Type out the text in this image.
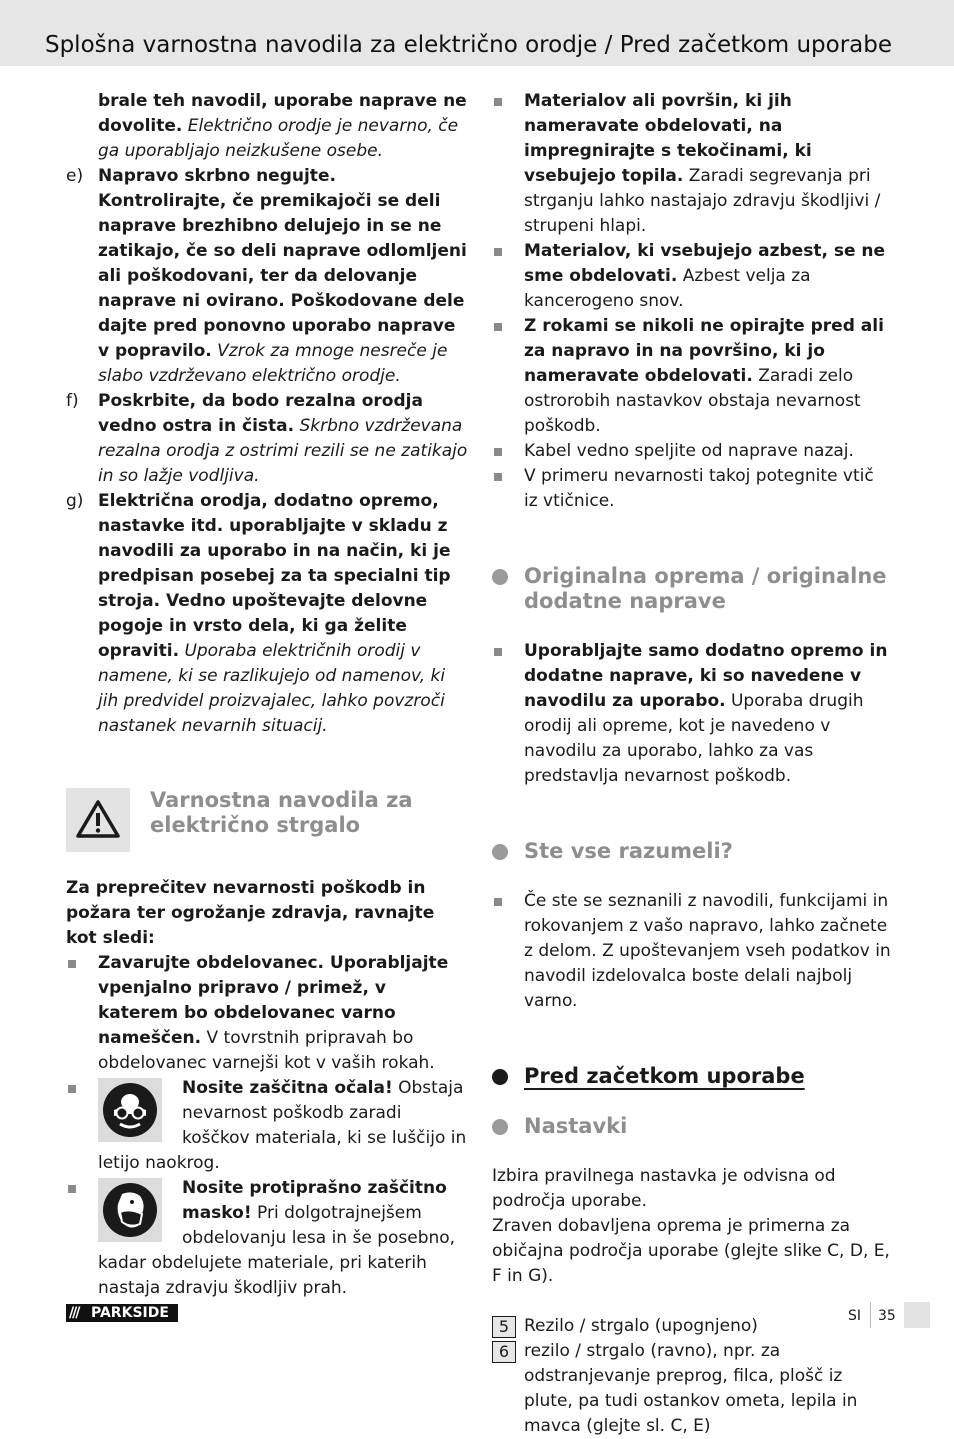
Splošna varnostna navodila za električno orodje / Pred začetkom uporabe

brale teh navodil, uporabe naprave ne dovolite. Električno orodje je nevarno, če ga uporabljajo neizkušene osebe.

e) Napravo skrbno negujte. Kontrolirajte, če premikajoči se deli naprave brezhibno delujejo in se ne zatikajo, če so deli naprave odlomljeni ali poškodovani, ter da delovanje naprave ni ovirano. Poškodovane dele dajte pred ponovno uporabo naprave v popravilo. Vzrok za mnoge nesreče je slabo vzdrževano električno orodje.
f) Poskrbite, da bodo rezalna orodja vedno ostra in čista. Skrbno vzdrževana rezalna orodja z ostrimi rezili se ne zatikajo in so lažje vodljiva.
g) Električna orodja, dodatno opremo, nastavke itd. uporabljajte v skladu z navodili za uporabo in na način, ki je predpisan posebej za ta specialni tip stroja. Vedno upoštevajte delovne pogoje in vrsto dela, ki ga želite opraviti. Uporaba električnih orodij v namene, ki se razlikujejo od namenov, ki jih predvidel proizvajalec, lahko povzroči nastanek nevarnih situacij.
Varnostna navodila za električno strgalo

Za preprečitev nevarnosti poškodb in požara ter ogrožanje zdravja, ravnajte kot sledi:

Zavarujte obdelovanec. Uporabljajte vpenjalno pripravo / primež, v katerem bo obdelovanec varno nameščen. V tovrstnih pripravah bo obdelovanec varnejši kot v vaših rokah.
Nosite zaščitna očala! Obstaja nevarnost poškodb zaradi koščkov materiala, ki se luščijo in letijo naokrog.
Nosite protiprašno zaščitno masko! Pri dolgotrajnejšem obdelovanju lesa in še posebno, kadar obdelujete materiale, pri katerih nastaja zdravju škodljiv prah.
Materialov ali površin, ki jih nameravate obdelovati, na impregnirajte s tekočinami, ki vsebujejo topila. Zaradi segrevanja pri strganju lahko nastajajo zdravju škodljivi / strupeni hlapi.
Materialov, ki vsebujejo azbest, se ne sme obdelovati. Azbest velja za kancerogeno snov.
Z rokami se nikoli ne opirajte pred ali za napravo in na površino, ki jo nameravate obdelovati. Zaradi zelo ostrorobih nastavkov obstaja nevarnost poškodb.
Kabel vedno speljite od naprave nazaj.
V primeru nevarnosti takoj potegnite vtič iz vtičnice.
Originalna oprema / originalne dodatne naprave
Uporabljajte samo dodatno opremo in dodatne naprave, ki so navedene v navodilu za uporabo. Uporaba drugih orodij ali opreme, kot je navedeno v navodilu za uporabo, lahko za vas predstavlja nevarnost poškodb.
Ste vse razumeli?
Če ste se seznanili z navodili, funkcijami in rokovanjem z vašo napravo, lahko začnete z delom. Z upoštevanjem vseh podatkov in navodil izdelovalca boste delali najbolj varno.
Pred začetkom uporabe
Nastavki

Izbira pravilnega nastavka je odvisna od področja uporabe.

Zraven dobavljena oprema je primerna za običajna področja uporabe (glejte slike C, D, E, F in G).

5 Rezilo / strgalo (upognjeno)
6 rezilo / strgalo (ravno), npr. za odstranjevanje preprog, filca, plošč iz plute, pa tudi ostankov ometa, lepila in mavca (glejte sl. C, E)
/// PARKSIDE	SI 35
